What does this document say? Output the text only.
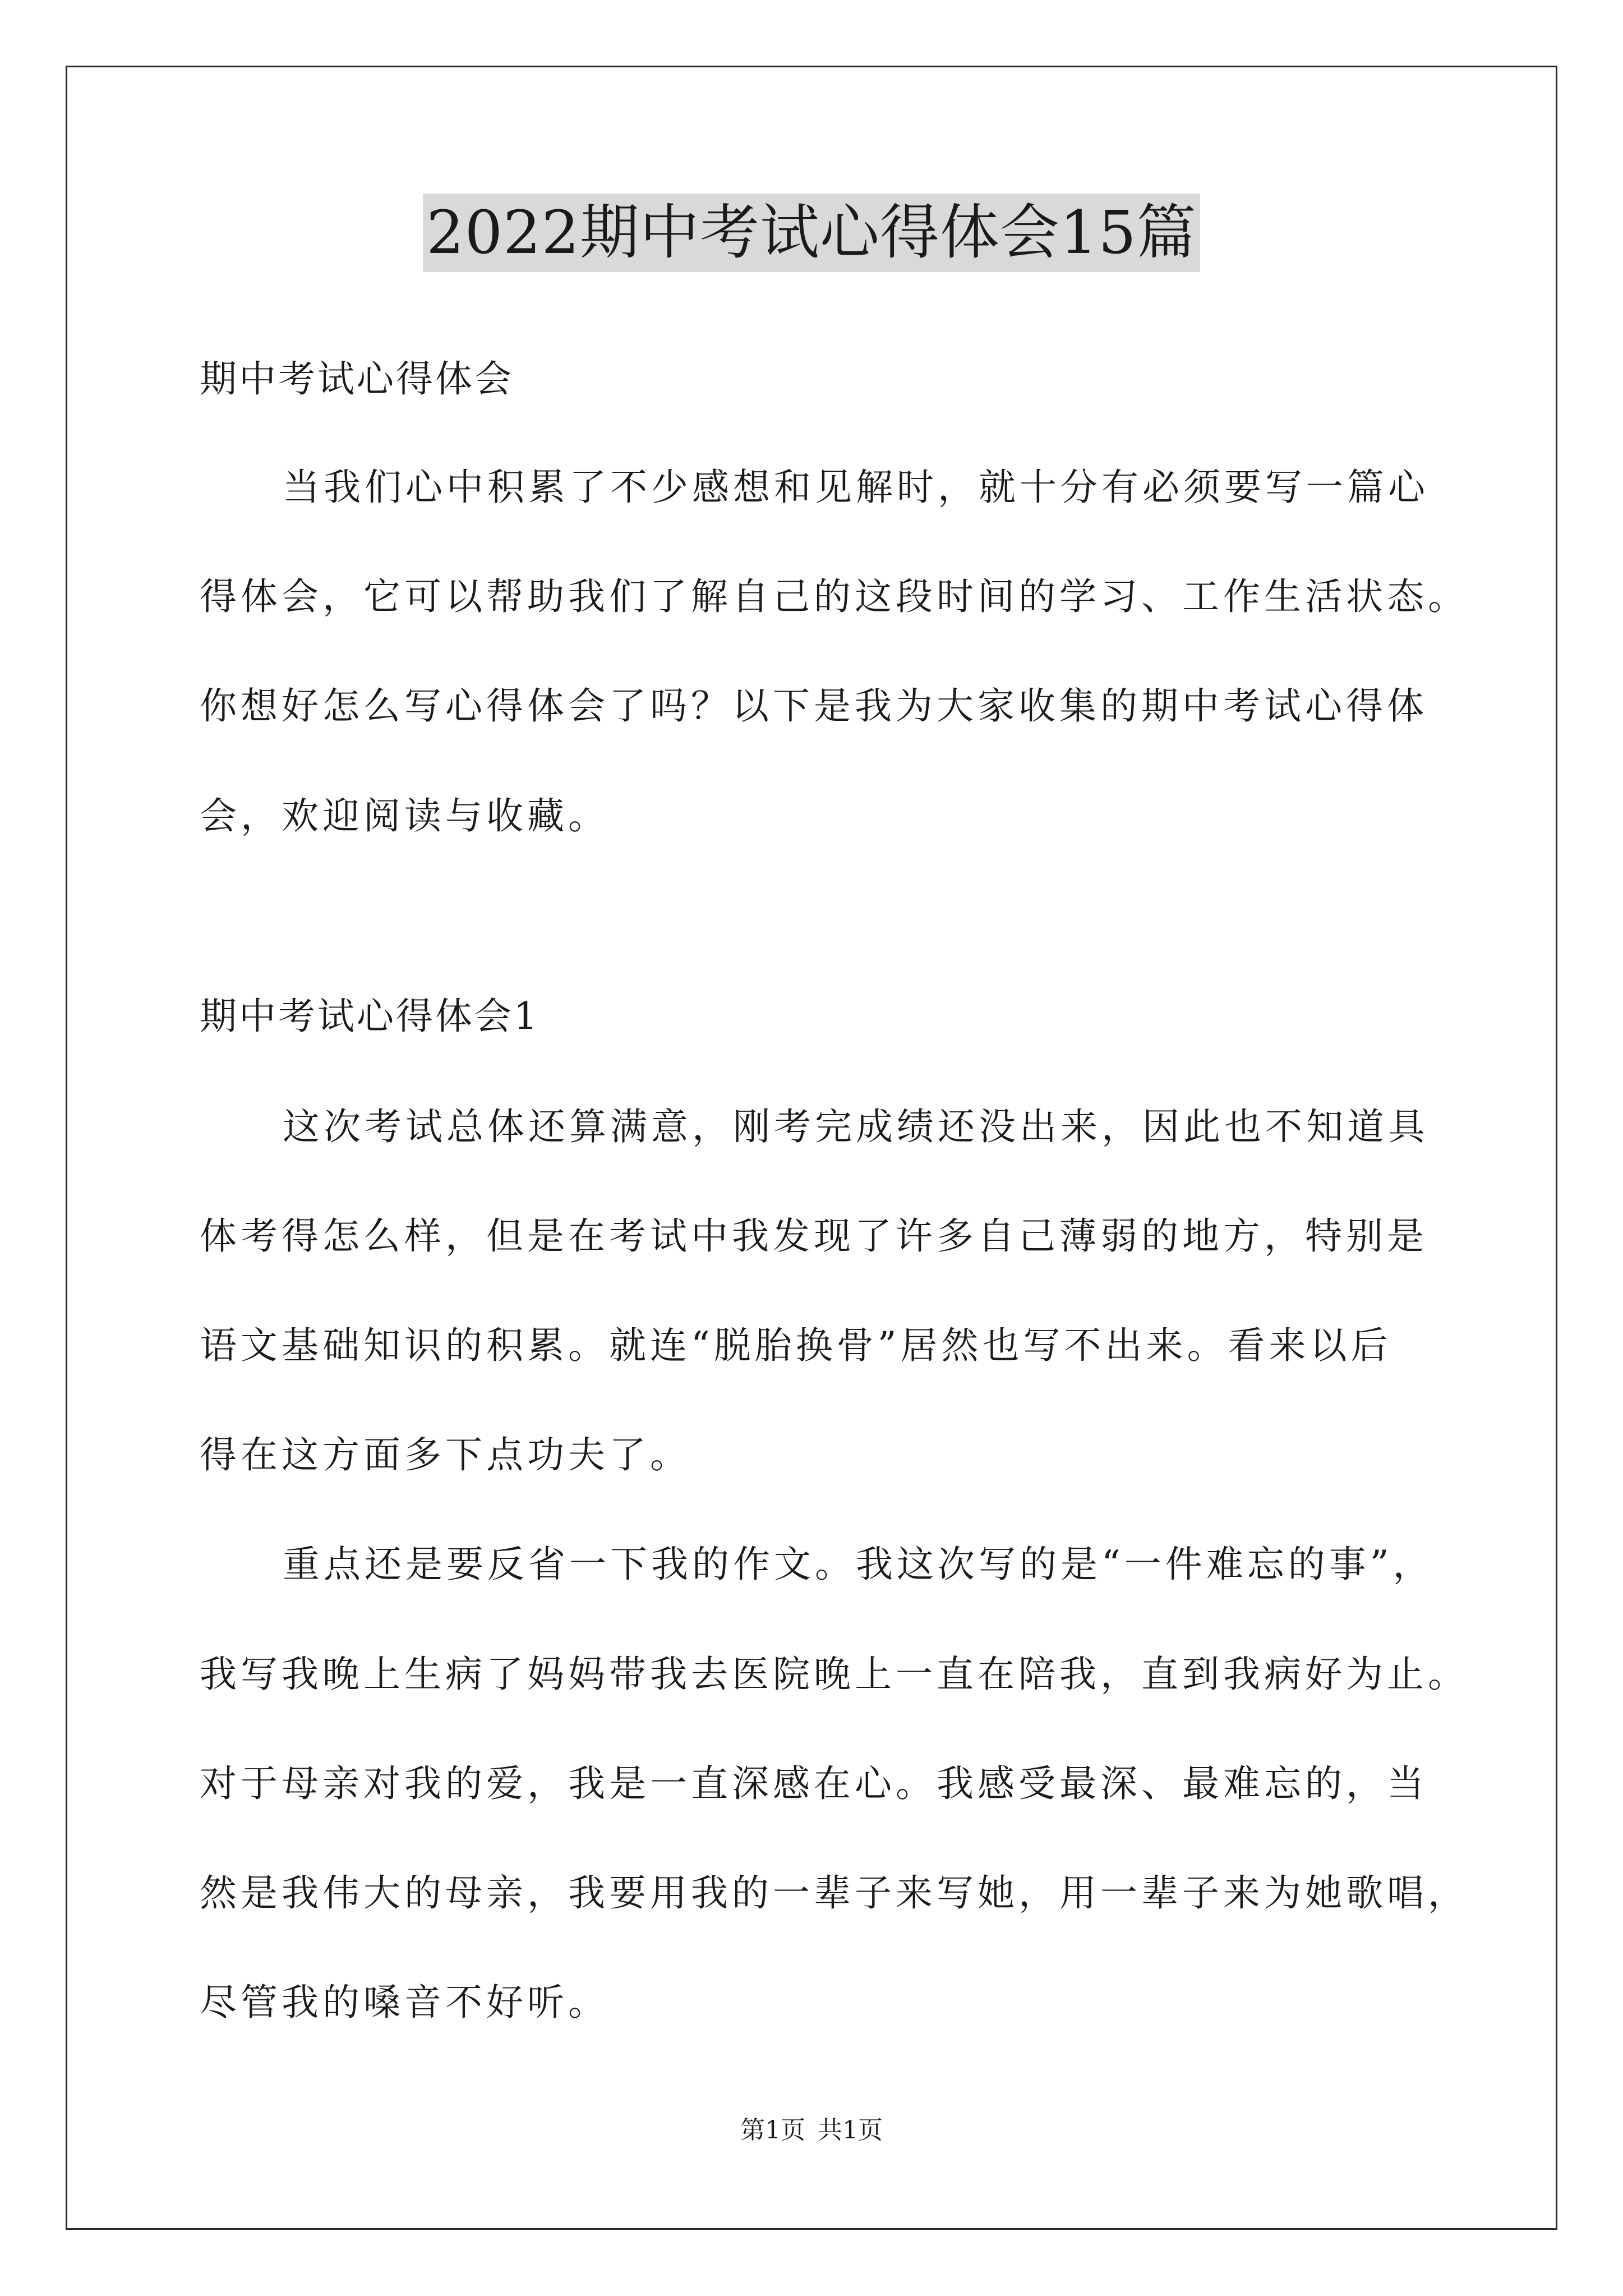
2022期中考试心得体会15篇
期中考试心得体会
当我们心中积累了不少感想和见解时，就十分有必须要写一篇心
得体会，它可以帮助我们了解自己的这段时间的学习、工作生活状态。
你想好怎么写心得体会了吗？以下是我为大家收集的期中考试心得体
会，欢迎阅读与收藏。
期中考试心得体会1
这次考试总体还算满意，刚考完成绩还没出来，因此也不知道具
体考得怎么样，但是在考试中我发现了许多自己薄弱的地方，特别是
语文基础知识的积累。就连“脱胎换骨”居然也写不出来。看来以后
得在这方面多下点功夫了。
重点还是要反省一下我的作文。我这次写的是“一件难忘的事”，
我写我晚上生病了妈妈带我去医院晚上一直在陪我，直到我病好为止。
对于母亲对我的爱，我是一直深感在心。我感受最深、最难忘的，当
然是我伟大的母亲，我要用我的一辈子来写她，用一辈子来为她歌唱，
尽管我的嗓音不好听。
第1页 共1页
